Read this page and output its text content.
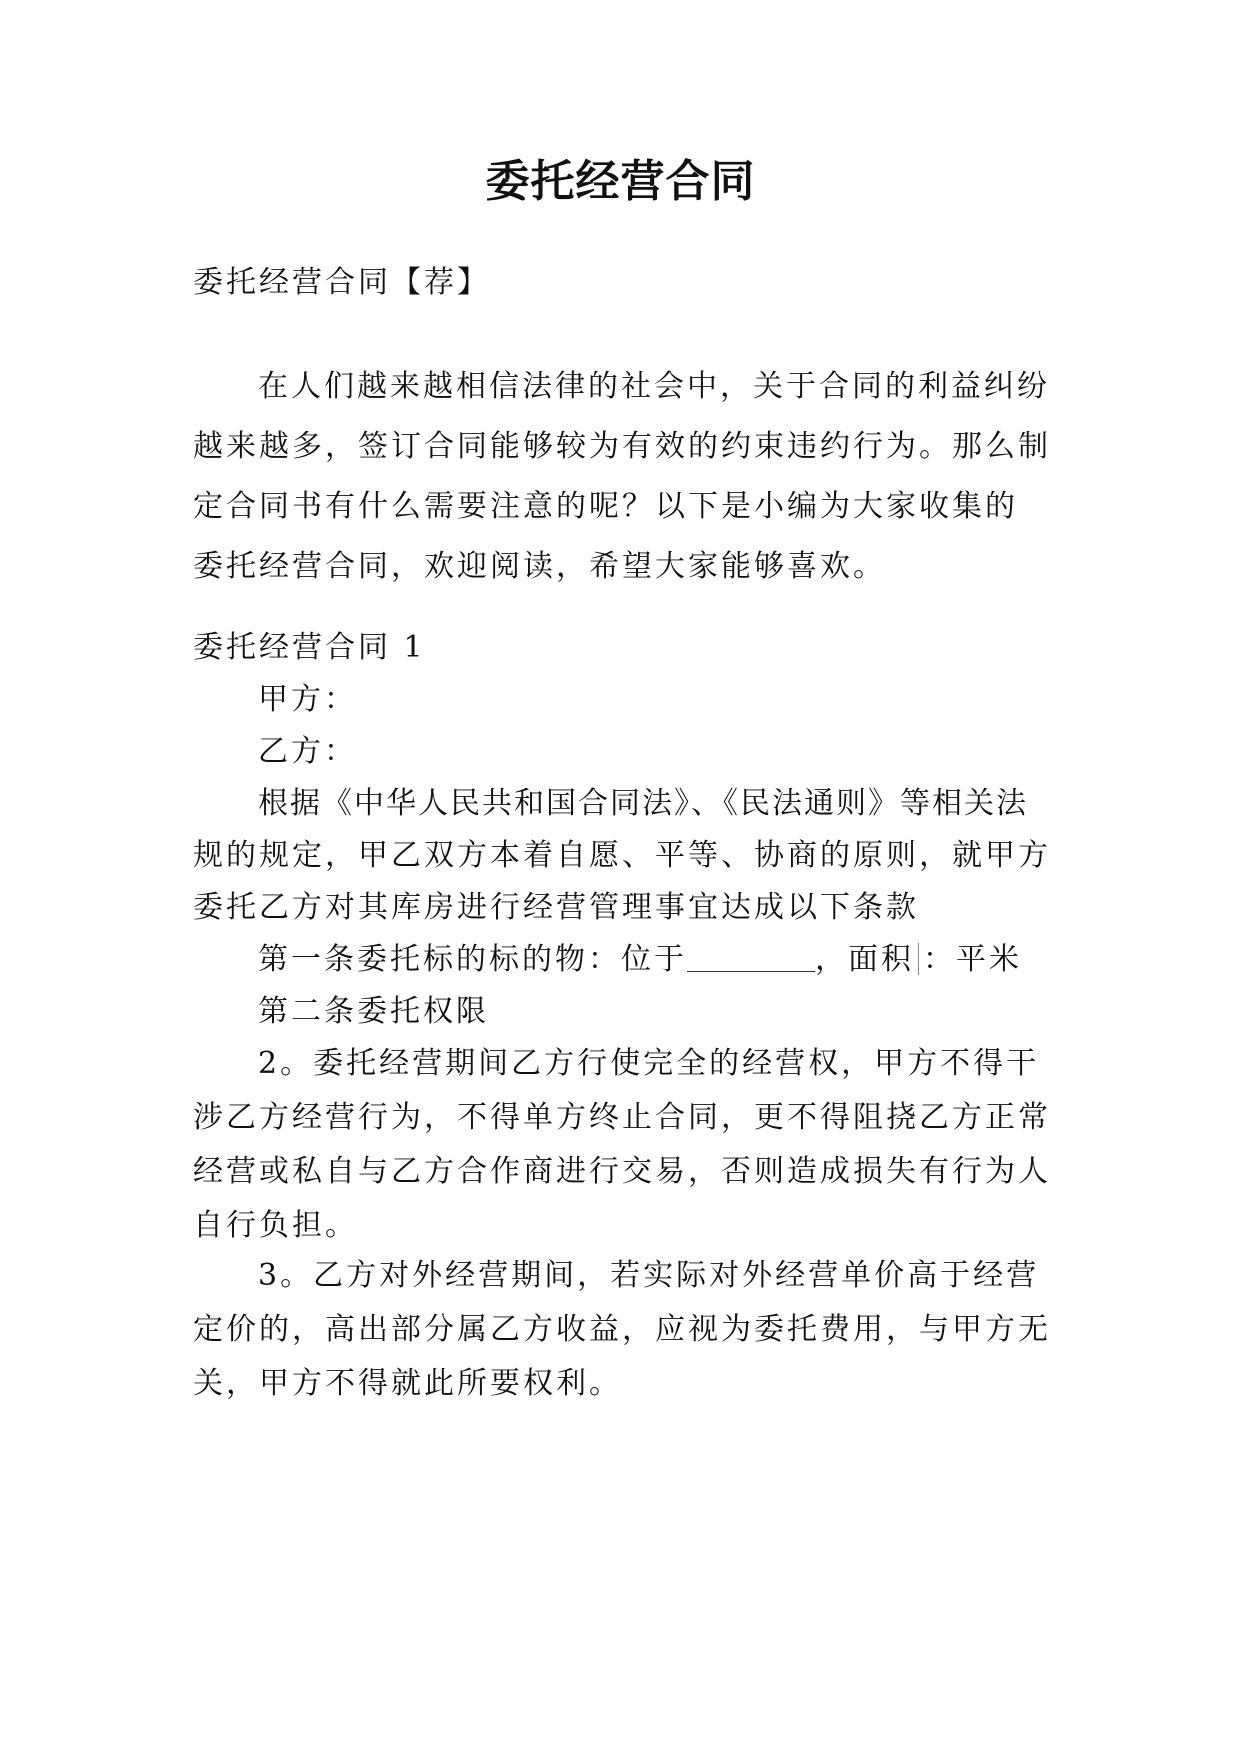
委托经营合同
委托经营合同【荐】
在人们越来越相信法律的社会中，关于合同的利益纠纷
越来越多，签订合同能够较为有效的约束违约行为。那么制
定合同书有什么需要注意的呢？以下是小编为大家收集的
委托经营合同，欢迎阅读，希望大家能够喜欢。
委托经营合同 1
甲方：
乙方：
根据《中华人民共和国合同法》、《民法通则》等相关法
规的规定，甲乙双方本着自愿、平等、协商的原则，就甲方
委托乙方对其库房进行经营管理事宜达成以下条款
第一条委托标的标的物：位于	，面积 ：平米
第二条委托权限
2。委托经营期间乙方行使完全的经营权，甲方不得干
涉乙方经营行为，不得单方终止合同，更不得阻挠乙方正常
经营或私自与乙方合作商进行交易，否则造成损失有行为人
自行负担。
3。乙方对外经营期间，若实际对外经营单价高于经营
定价的，高出部分属乙方收益，应视为委托费用，与甲方无
关，甲方不得就此所要权利。
